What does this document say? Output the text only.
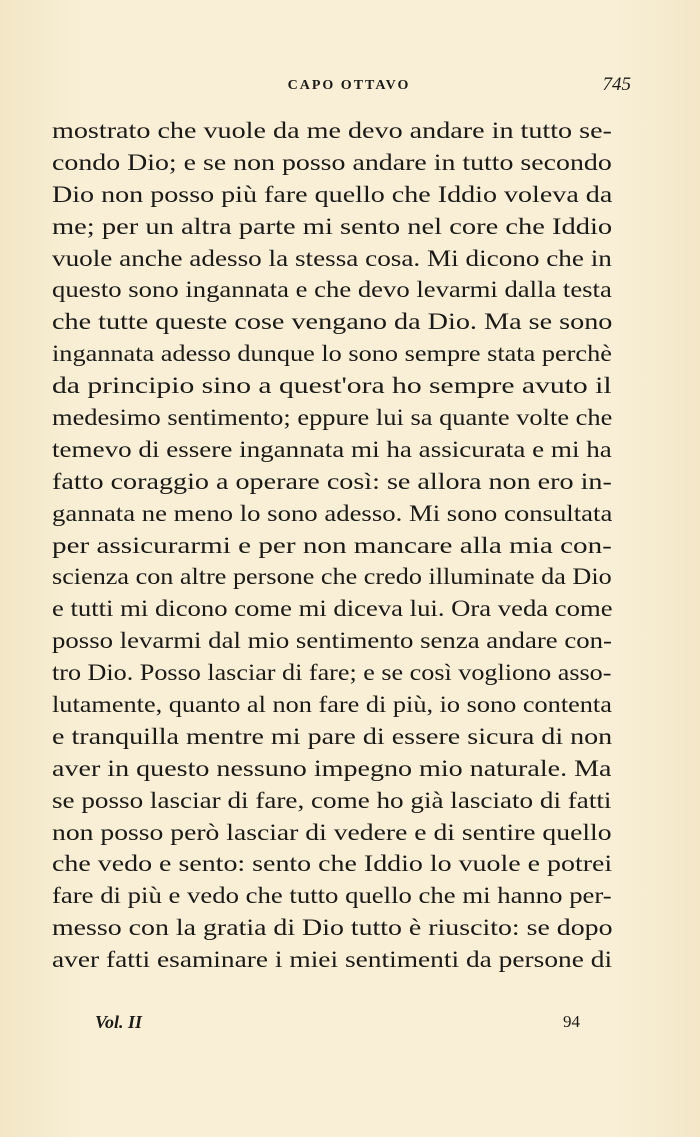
CAPO OTTAVO	745
mostrato che vuole da me devo andare in tutto se-
condo Dio; e se non posso andare in tutto secondo
Dio non posso più fare quello che Iddio voleva da
me; per un altra parte mi sento nel core che Iddio
vuole anche adesso la stessa cosa. Mi dicono che in
questo sono ingannata e che devo levarmi dalla testa
che tutte queste cose vengano da Dio. Ma se sono
ingannata adesso dunque lo sono sempre stata perchè
da principio sino a quest'ora ho sempre avuto il
medesimo sentimento; eppure lui sa quante volte che
temevo di essere ingannata mi ha assicurata e mi ha
fatto coraggio a operare così: se allora non ero in-
gannata ne meno lo sono adesso. Mi sono consultata
per assicurarmi e per non mancare alla mia con-
scienza con altre persone che credo illuminate da Dio
e tutti mi dicono come mi diceva lui. Ora veda come
posso levarmi dal mio sentimento senza andare con-
tro Dio. Posso lasciar di fare; e se così vogliono asso-
lutamente, quanto al non fare di più, io sono contenta
e tranquilla mentre mi pare di essere sicura di non
aver in questo nessuno impegno mio naturale. Ma
se posso lasciar di fare, come ho già lasciato di fatti
non posso però lasciar di vedere e di sentire quello
che vedo e sento: sento che Iddio lo vuole e potrei
fare di più e vedo che tutto quello che mi hanno per-
messo con la gratia di Dio tutto è riuscito: se dopo
aver fatti esaminare i miei sentimenti da persone di
Vol. II	94
